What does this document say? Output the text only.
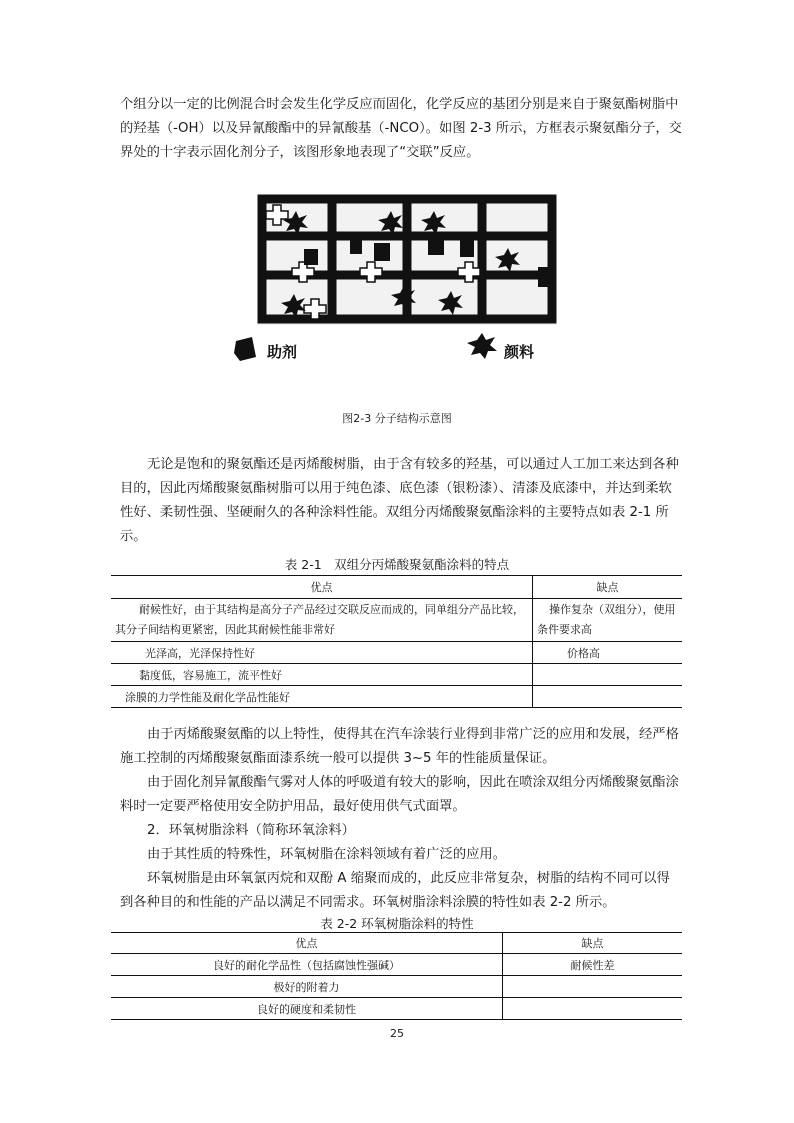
个组分以一定的比例混合时会发生化学反应而固化，化学反应的基团分别是来自于聚氨酯树脂中的羟基（-OH）以及异氰酸酯中的异氰酸基（-NCO）。如图 2-3 所示，方框表示聚氨酯分子，交界处的十字表示固化剂分子，该图形象地表现了“交联”反应。

助剂	颜料
图2-3 分子结构示意图

无论是饱和的聚氨酯还是丙烯酸树脂，由于含有较多的羟基，可以通过人工加工来达到各种目的，因此丙烯酸聚氨酯树脂可以用于纯色漆、底色漆（银粉漆）、清漆及底漆中，并达到柔软性好、柔韧性强、坚硬耐久的各种涂料性能。双组分丙烯酸聚氨酯涂料的主要特点如表 2-1 所示。

表 2-1　双组分丙烯酸聚氨酯涂料的特点
优点	缺点
耐候性好，由于其结构是高分子产品经过交联反应而成的，同单组分产品比较，其分子间结构更紧密，因此其耐候性能非常好	操作复杂（双组分），使用条件要求高
光泽高，光泽保持性好	价格高
黏度低，容易施工，流平性好	
涂膜的力学性能及耐化学品性能好	

由于丙烯酸聚氨酯的以上特性，使得其在汽车涂装行业得到非常广泛的应用和发展，经严格施工控制的丙烯酸聚氨酯面漆系统一般可以提供 3~5 年的性能质量保证。

由于固化剂异氰酸酯气雾对人体的呼吸道有较大的影响，因此在喷涂双组分丙烯酸聚氨酯涂料时一定要严格使用安全防护用品，最好使用供气式面罩。

2．环氧树脂涂料（简称环氧涂料）

由于其性质的特殊性，环氧树脂在涂料领域有着广泛的应用。

环氧树脂是由环氧氯丙烷和双酚 A 缩聚而成的，此反应非常复杂，树脂的结构不同可以得到各种目的和性能的产品以满足不同需求。环氧树脂涂料涂膜的特性如表 2-2 所示。

表 2-2 环氧树脂涂料的特性
优点	缺点
良好的耐化学品性（包括腐蚀性强碱）	耐候性差
极好的附着力	
良好的硬度和柔韧性	
25
